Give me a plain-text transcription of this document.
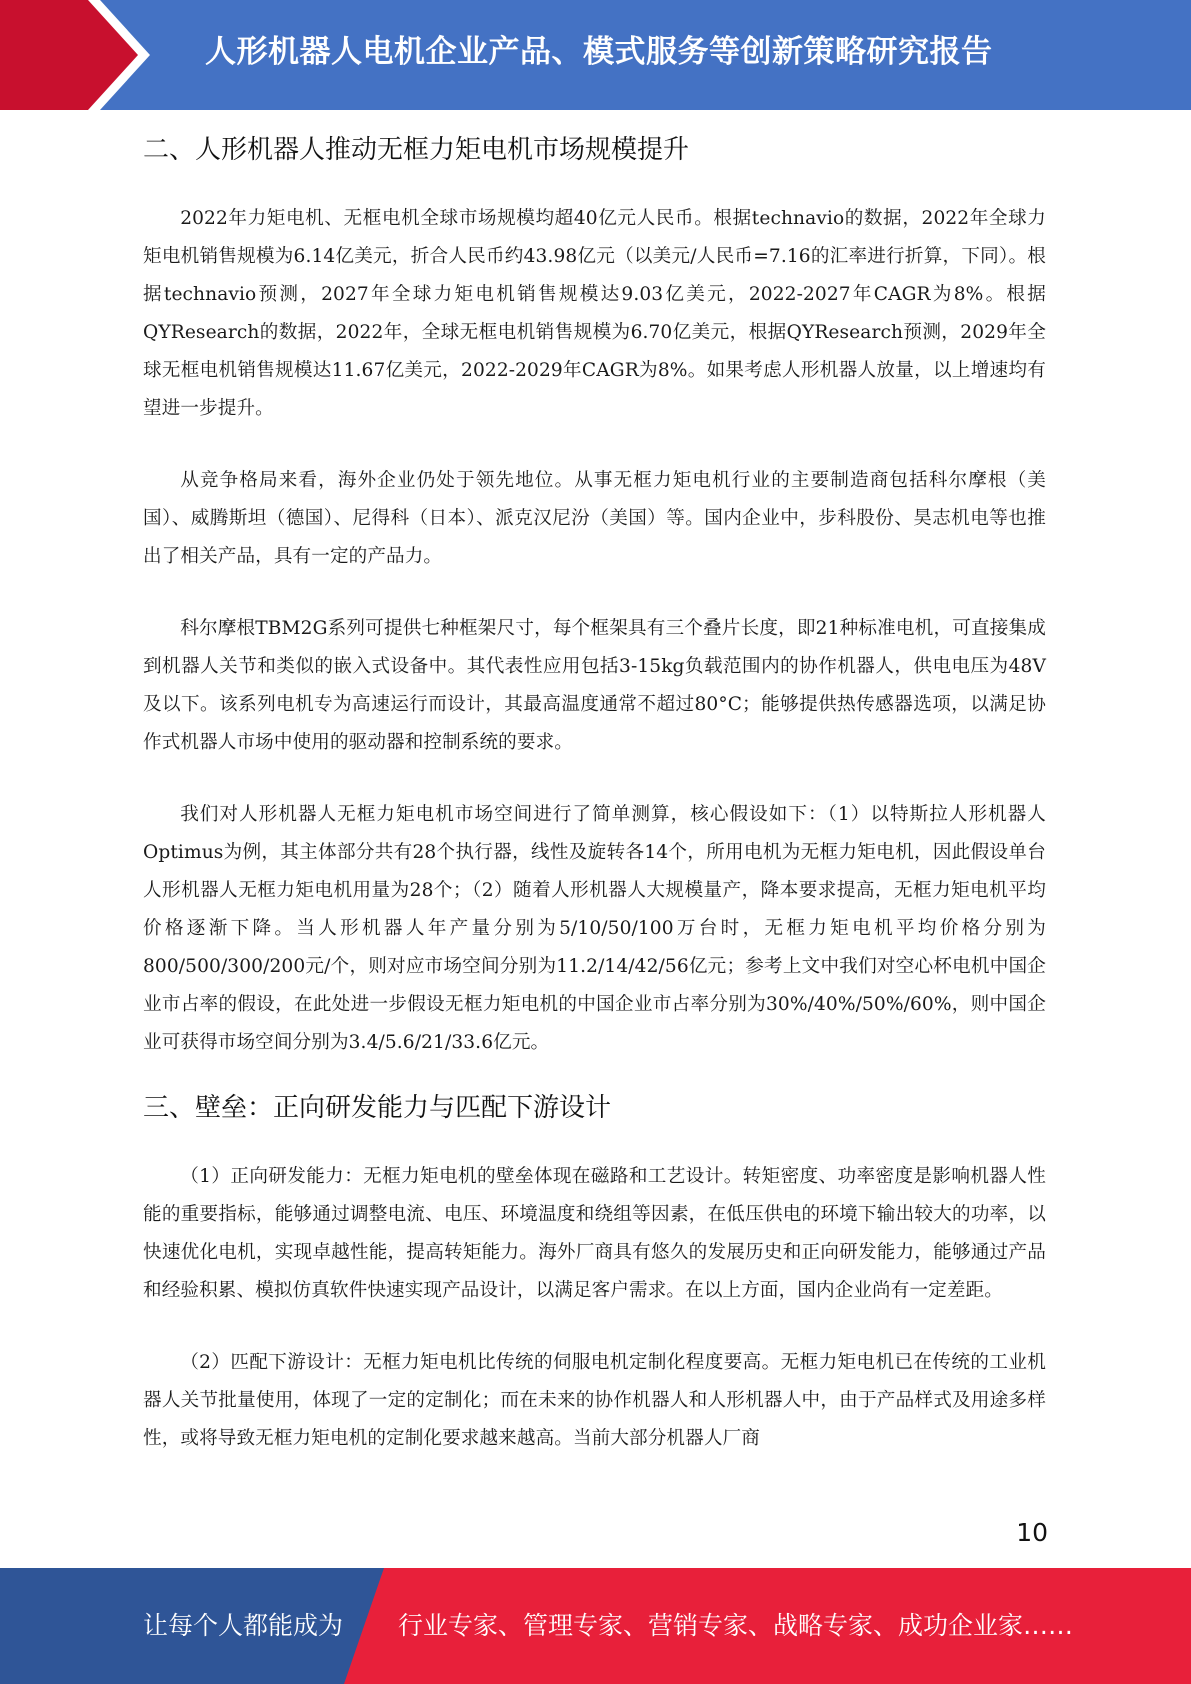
人形机器人电机企业产品、模式服务等创新策略研究报告
二、人形机器人推动无框力矩电机市场规模提升

2022年力矩电机、无框电机全球市场规模均超40亿元人民币。根据technavio的数据，2022年全球力矩电机销售规模为6.14亿美元，折合人民币约43.98亿元（以美元/人民币=7.16的汇率进行折算，下同）。根据technavio预测，2027年全球力矩电机销售规模达9.03亿美元，2022-2027年CAGR为8%。根据QYResearch的数据，2022年，全球无框电机销售规模为6.70亿美元，根据QYResearch预测，2029年全球无框电机销售规模达11.67亿美元，2022-2029年CAGR为8%。如果考虑人形机器人放量，以上增速均有望进一步提升。

从竞争格局来看，海外企业仍处于领先地位。从事无框力矩电机行业的主要制造商包括科尔摩根（美国）、威腾斯坦（德国）、尼得科（日本）、派克汉尼汾（美国）等。国内企业中，步科股份、昊志机电等也推出了相关产品，具有一定的产品力。

科尔摩根TBM2G系列可提供七种框架尺寸，每个框架具有三个叠片长度，即21种标准电机，可直接集成到机器人关节和类似的嵌入式设备中。其代表性应用包括3-15kg负载范围内的协作机器人，供电电压为48V及以下。该系列电机专为高速运行而设计，其最高温度通常不超过80°C；能够提供热传感器选项，以满足协作式机器人市场中使用的驱动器和控制系统的要求。

我们对人形机器人无框力矩电机市场空间进行了简单测算，核心假设如下：（1）以特斯拉人形机器人Optimus为例，其主体部分共有28个执行器，线性及旋转各14个，所用电机为无框力矩电机，因此假设单台人形机器人无框力矩电机用量为28个；（2）随着人形机器人大规模量产，降本要求提高，无框力矩电机平均价格逐渐下降。当人形机器人年产量分别为5/10/50/100万台时，无框力矩电机平均价格分别为800/500/300/200元/个，则对应市场空间分别为11.2/14/42/56亿元；参考上文中我们对空心杯电机中国企业市占率的假设，在此处进一步假设无框力矩电机的中国企业市占率分别为30%/40%/50%/60%，则中国企业可获得市场空间分别为3.4/5.6/21/33.6亿元。

三、壁垒：正向研发能力与匹配下游设计

（1）正向研发能力：无框力矩电机的壁垒体现在磁路和工艺设计。转矩密度、功率密度是影响机器人性能的重要指标，能够通过调整电流、电压、环境温度和绕组等因素，在低压供电的环境下输出较大的功率，以快速优化电机，实现卓越性能，提高转矩能力。海外厂商具有悠久的发展历史和正向研发能力，能够通过产品和经验积累、模拟仿真软件快速实现产品设计，以满足客户需求。在以上方面，国内企业尚有一定差距。

（2）匹配下游设计：无框力矩电机比传统的伺服电机定制化程度要高。无框力矩电机已在传统的工业机器人关节批量使用，体现了一定的定制化；而在未来的协作机器人和人形机器人中，由于产品样式及用途多样性，或将导致无框力矩电机的定制化要求越来越高。当前大部分机器人厂商

10
让每个人都能成为 行业专家、管理专家、营销专家、战略专家、成功企业家……
